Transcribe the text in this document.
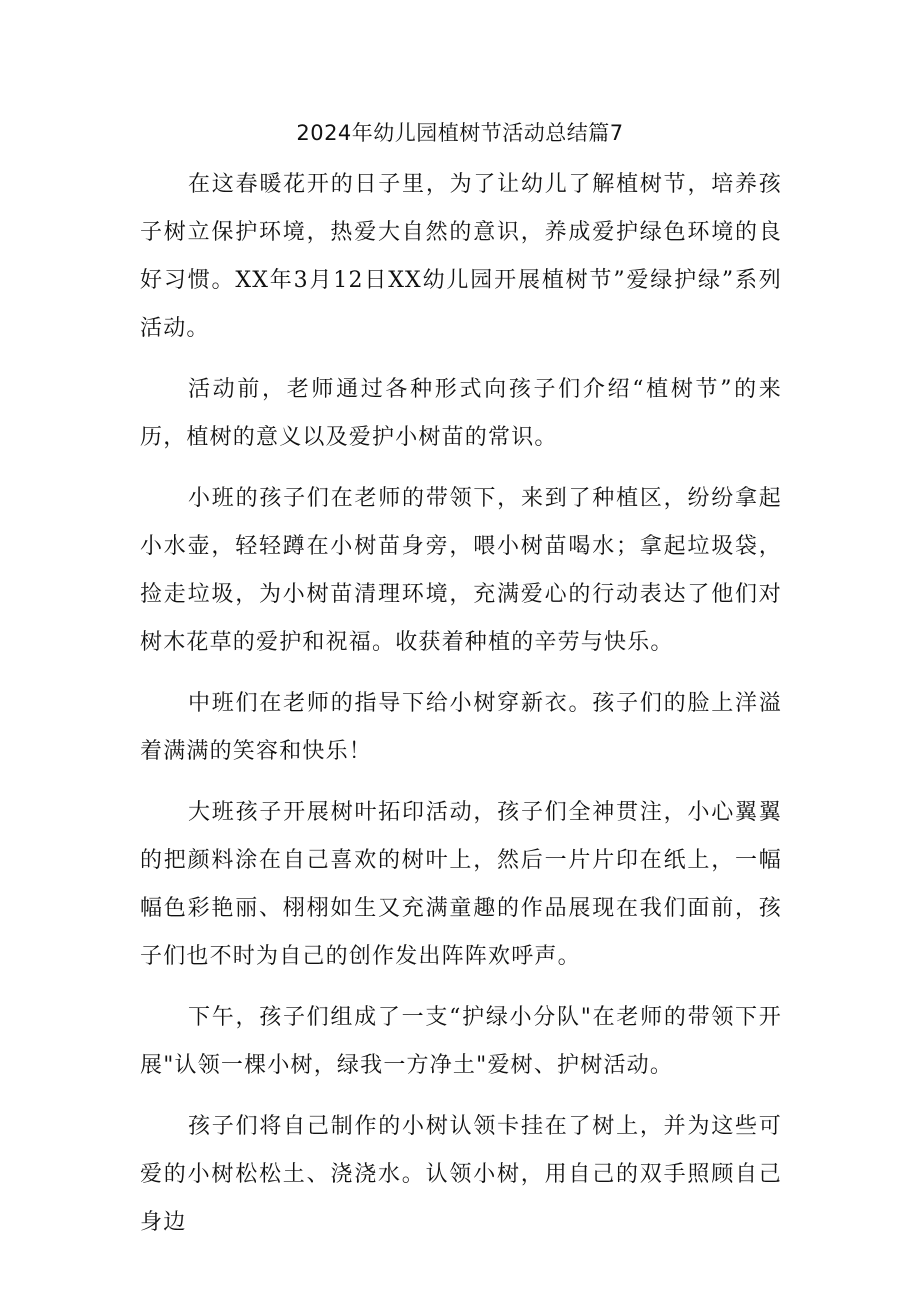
2024年幼儿园植树节活动总结篇7

在这春暖花开的日子里，为了让幼儿了解植树节，培养孩子树立保护环境，热爱大自然的意识，养成爱护绿色环境的良好习惯。XX年3月12日XX幼儿园开展植树节”爱绿护绿”系列活动。

活动前，老师通过各种形式向孩子们介绍“植树节”的来历，植树的意义以及爱护小树苗的常识。

小班的孩子们在老师的带领下，来到了种植区，纷纷拿起小水壶，轻轻蹲在小树苗身旁，喂小树苗喝水；拿起垃圾袋，捡走垃圾，为小树苗清理环境，充满爱心的行动表达了他们对树木花草的爱护和祝福。收获着种植的辛劳与快乐。

中班们在老师的指导下给小树穿新衣。孩子们的脸上洋溢着满满的笑容和快乐！

大班孩子开展树叶拓印活动，孩子们全神贯注，小心翼翼的把颜料涂在自己喜欢的树叶上，然后一片片印在纸上，一幅幅色彩艳丽、栩栩如生又充满童趣的作品展现在我们面前，孩子们也不时为自己的创作发出阵阵欢呼声。

下午，孩子们组成了一支“护绿小分队"在老师的带领下开展"认领一棵小树，绿我一方净土"爱树、护树活动。

孩子们将自己制作的小树认领卡挂在了树上，并为这些可爱的小树松松土、浇浇水。认领小树，用自己的双手照顾自己身边
